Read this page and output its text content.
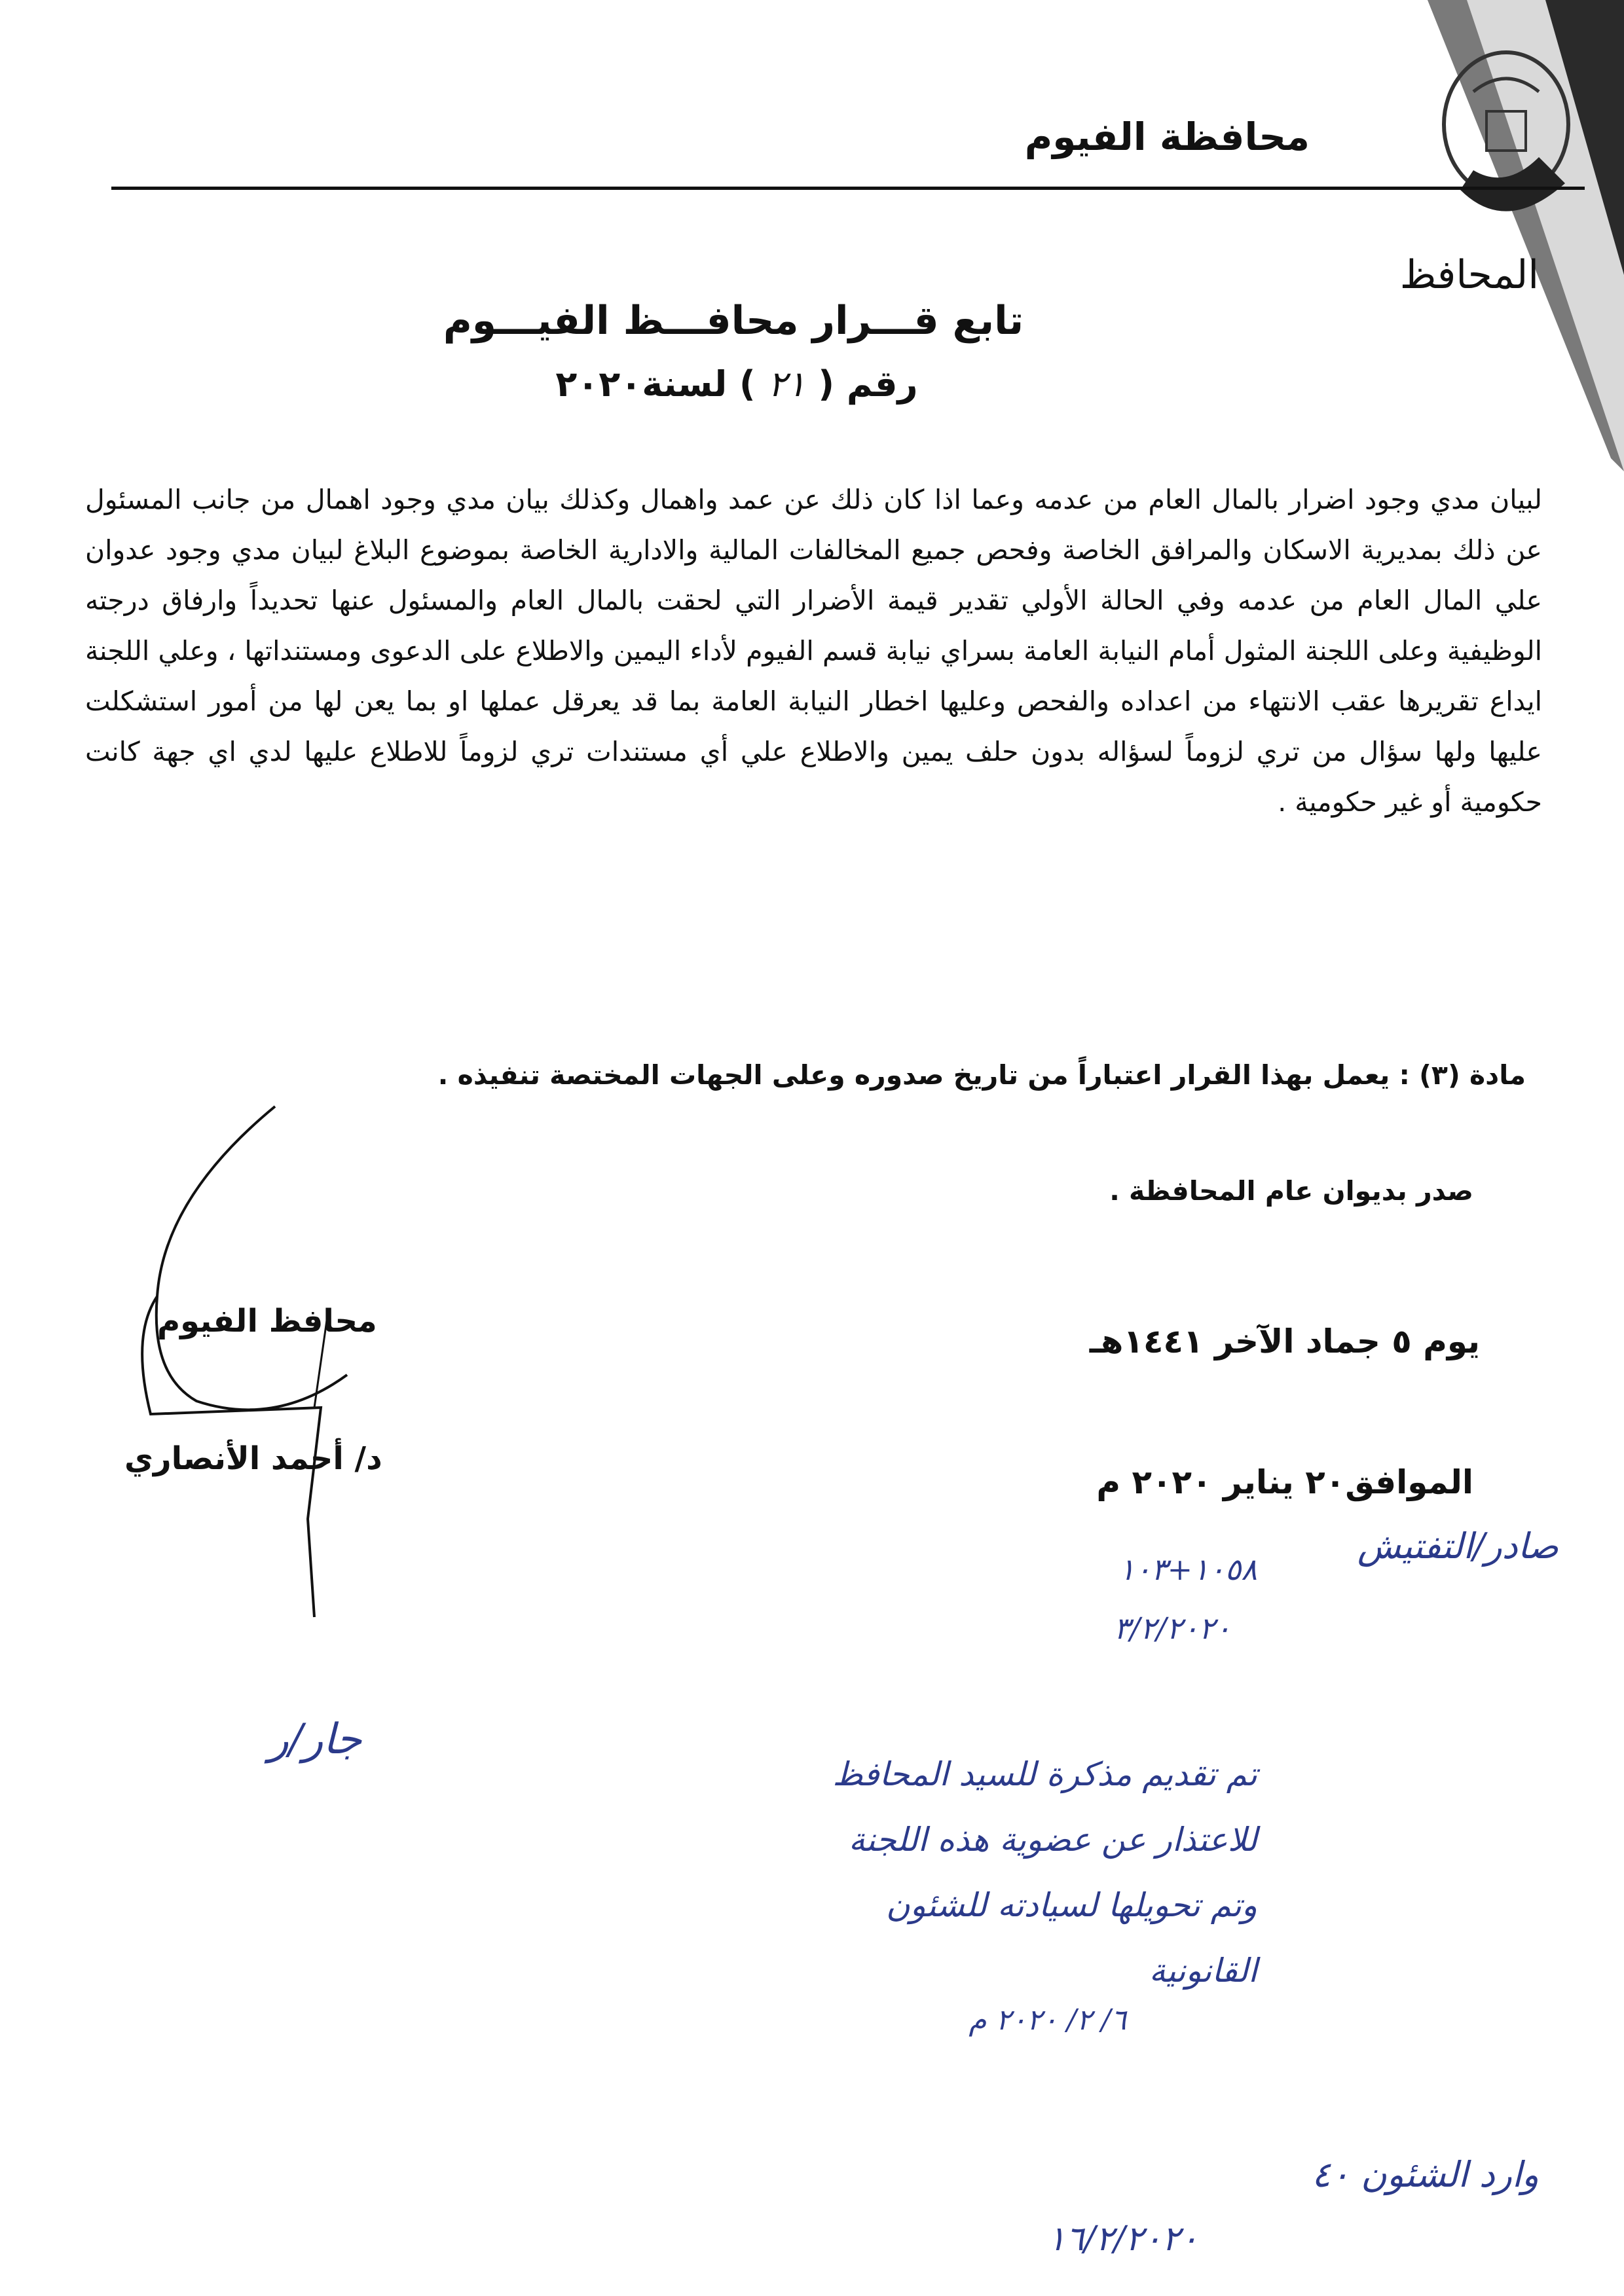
محافظة الفيوم
المحافظ
تابع قـــرار محافـــظ الفيـــوم
رقم ( ٢١ ) لسنة٢٠٢٠

لبيان مدي وجود اضرار بالمال العام من عدمه وعما اذا كان ذلك عن عمد واهمال وكذلك بيان مدي وجود اهمال من جانب المسئول عن ذلك بمديرية الاسكان والمرافق الخاصة وفحص جميع المخالفات المالية والادارية الخاصة بموضوع البلاغ لبيان مدي وجود عدوان علي المال العام من عدمه وفي الحالة الأولي تقدير قيمة الأضرار التي لحقت بالمال العام والمسئول عنها تحديداً وارفاق درجته الوظيفية وعلى اللجنة المثول أمام النيابة العامة بسراي نيابة قسم الفيوم لأداء اليمين والاطلاع على الدعوى ومستنداتها ، وعلي اللجنة ايداع تقريرها عقب الانتهاء من اعداده والفحص وعليها اخطار النيابة العامة بما قد يعرقل عملها او بما يعن لها من أمور استشكلت عليها ولها سؤال من تري لزوماً لسؤاله بدون حلف يمين والاطلاع علي أي مستندات تري لزوماً للاطلاع عليها لدي اي جهة كانت حكومية أو غير حكومية .

مادة (٣) : يعمل بهذا القرار اعتباراً من تاريخ صدوره وعلى الجهات المختصة تنفيذه .
صدر بديوان عام المحافظة .
محافظ الفيوم
د/ أحمد الأنصاري
يوم ٥ جماد الآخر ١٤٤١هـ
الموافق٢٠ يناير ٢٠٢٠ م
صادر/التفتيش
١٠٥٨+١٠٣
٣/٢/٢٠٢٠
جار/ر
تم تقديم مذكرة للسيد المحافظ
للاعتذار عن عضوية هذه اللجنة
وتم تحويلها لسيادته للشئون
القانونية
٦/ ٢/ ٢٠٢٠ م
وارد الشئون ٤٠
١٦/٢/٢٠٢٠
